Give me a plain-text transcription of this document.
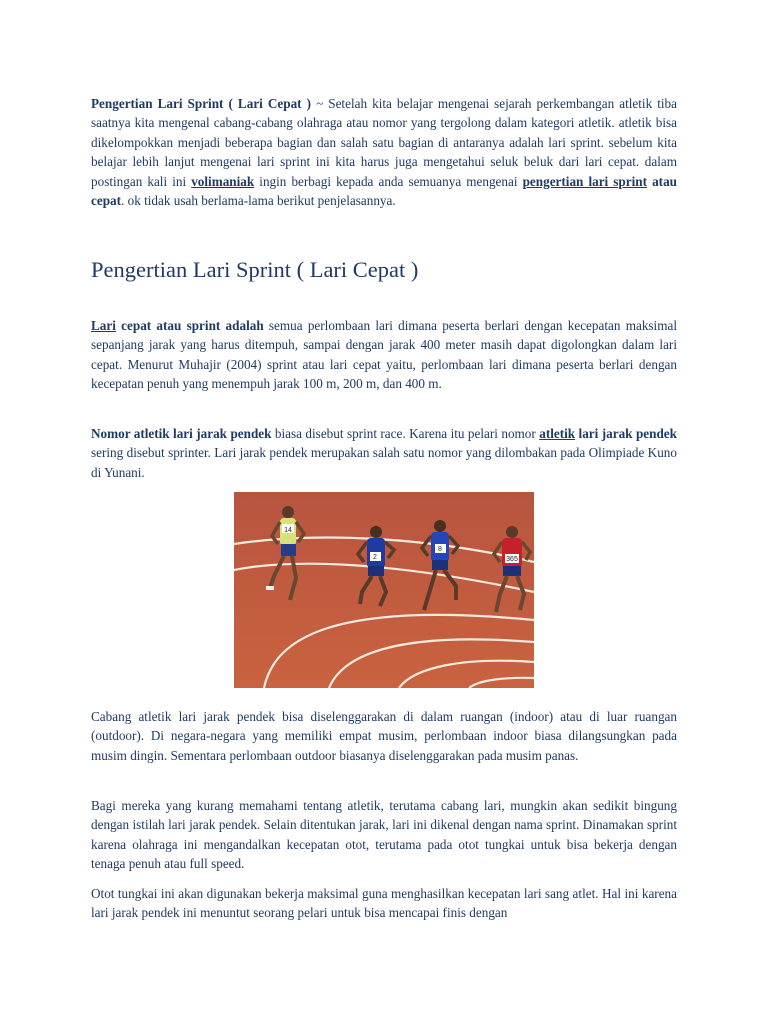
Pengertian Lari Sprint ( Lari Cepat ) ~ Setelah kita belajar mengenai sejarah perkembangan atletik tiba saatnya kita mengenal cabang-cabang olahraga atau nomor yang tergolong dalam kategori atletik. atletik bisa dikelompokkan menjadi beberapa bagian dan salah satu bagian di antaranya adalah lari sprint. sebelum kita belajar lebih lanjut mengenai lari sprint ini kita harus juga mengetahui seluk beluk dari lari cepat. dalam postingan kali ini volimaniak ingin berbagi kepada anda semuanya mengenai pengertian lari sprint atau cepat. ok tidak usah berlama-lama berikut penjelasannya.

Pengertian Lari Sprint ( Lari Cepat )

Lari cepat atau sprint adalah semua perlombaan lari dimana peserta berlari dengan kecepatan maksimal sepanjang jarak yang harus ditempuh, sampai dengan jarak 400 meter masih dapat digolongkan dalam lari cepat. Menurut Muhajir (2004) sprint atau lari cepat yaitu, perlombaan lari dimana peserta berlari dengan kecepatan penuh yang menempuh jarak 100 m, 200 m, dan 400 m.

Nomor atletik lari jarak pendek biasa disebut sprint race. Karena itu pelari nomor atletik lari jarak pendek sering disebut sprinter. Lari jarak pendek merupakan salah satu nomor yang dilombakan pada Olimpiade Kuno di Yunani.

14
2
8
365

Cabang atletik lari jarak pendek bisa diselenggarakan di dalam ruangan (indoor) atau di luar ruangan (outdoor). Di negara-negara yang memiliki empat musim, perlombaan indoor biasa dilangsungkan pada musim dingin. Sementara perlombaan outdoor biasanya diselenggarakan pada musim panas.

Bagi mereka yang kurang memahami tentang atletik, terutama cabang lari, mungkin akan sedikit bingung dengan istilah lari jarak pendek. Selain ditentukan jarak, lari ini dikenal dengan nama sprint. Dinamakan sprint karena olahraga ini mengandalkan kecepatan otot, terutama pada otot tungkai untuk bisa bekerja dengan tenaga penuh atau full speed.

Otot tungkai ini akan digunakan bekerja maksimal guna menghasilkan kecepatan lari sang atlet. Hal ini karena lari jarak pendek ini menuntut seorang pelari untuk bisa mencapai finis dengan
